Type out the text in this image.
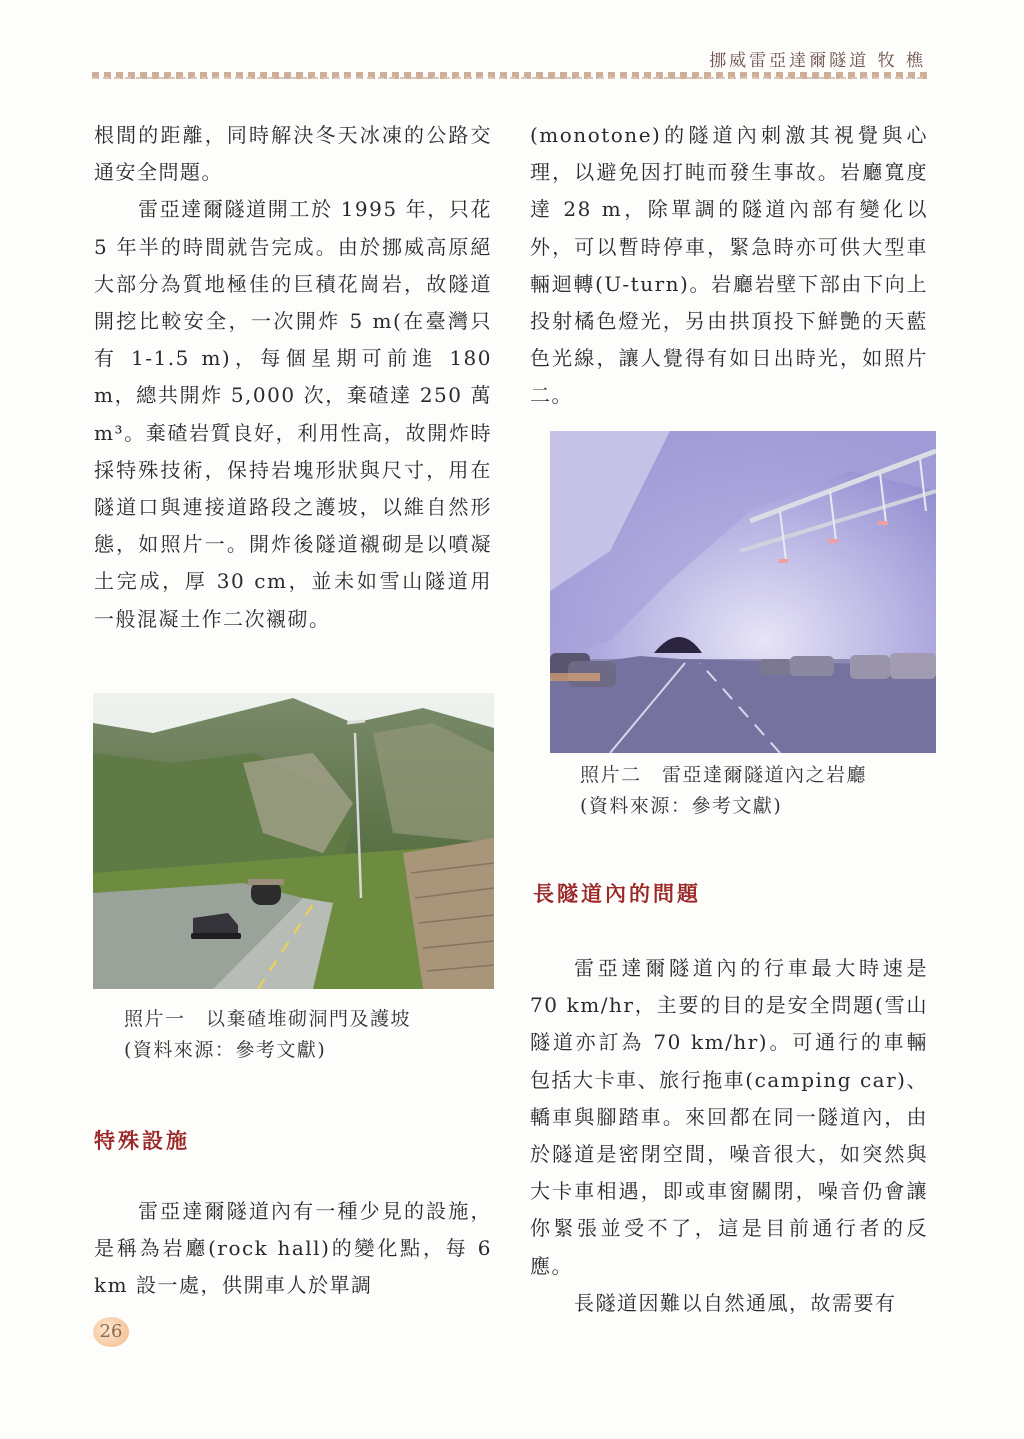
挪威雷亞達爾隧道 牧 樵

根間的距離，同時解決冬天冰凍的公路交通安全問題。

雷亞達爾隧道開工於 1995 年，只花 5 年半的時間就告完成。由於挪威高原絕大部分為質地極佳的巨積花崗岩，故隧道開挖比較安全，一次開炸 5 m(在臺灣只有 1-1.5 m)，每個星期可前進 180 m，總共開炸 5,000 次，棄碴達 250 萬 m³。棄碴岩質良好，利用性高，故開炸時採特殊技術，保持岩塊形狀與尺寸，用在隧道口與連接道路段之護坡，以維自然形態，如照片一。開炸後隧道襯砌是以噴凝土完成，厚 30 cm，並未如雪山隧道用一般混凝土作二次襯砌。

照片一　以棄碴堆砌洞門及護坡
(資料來源：參考文獻)
特殊設施

雷亞達爾隧道內有一種少見的設施，是稱為岩廳(rock hall)的變化點，每 6 km 設一處，供開車人於單調

(monotone)的隧道內刺激其視覺與心理，以避免因打盹而發生事故。岩廳寬度達 28 m，除單調的隧道內部有變化以外，可以暫時停車，緊急時亦可供大型車輛迴轉(U-turn)。岩廳岩壁下部由下向上投射橘色燈光，另由拱頂投下鮮艷的天藍色光線，讓人覺得有如日出時光，如照片二。

照片二　雷亞達爾隧道內之岩廳
(資料來源：參考文獻)
長隧道內的問題

雷亞達爾隧道內的行車最大時速是 70 km/hr，主要的目的是安全問題(雪山隧道亦訂為 70 km/hr)。可通行的車輛包括大卡車、旅行拖車(camping car)、轎車與腳踏車。來回都在同一隧道內，由於隧道是密閉空間，噪音很大，如突然與大卡車相遇，即或車窗關閉，噪音仍會讓你緊張並受不了，這是目前通行者的反應。

長隧道因難以自然通風，故需要有

26
